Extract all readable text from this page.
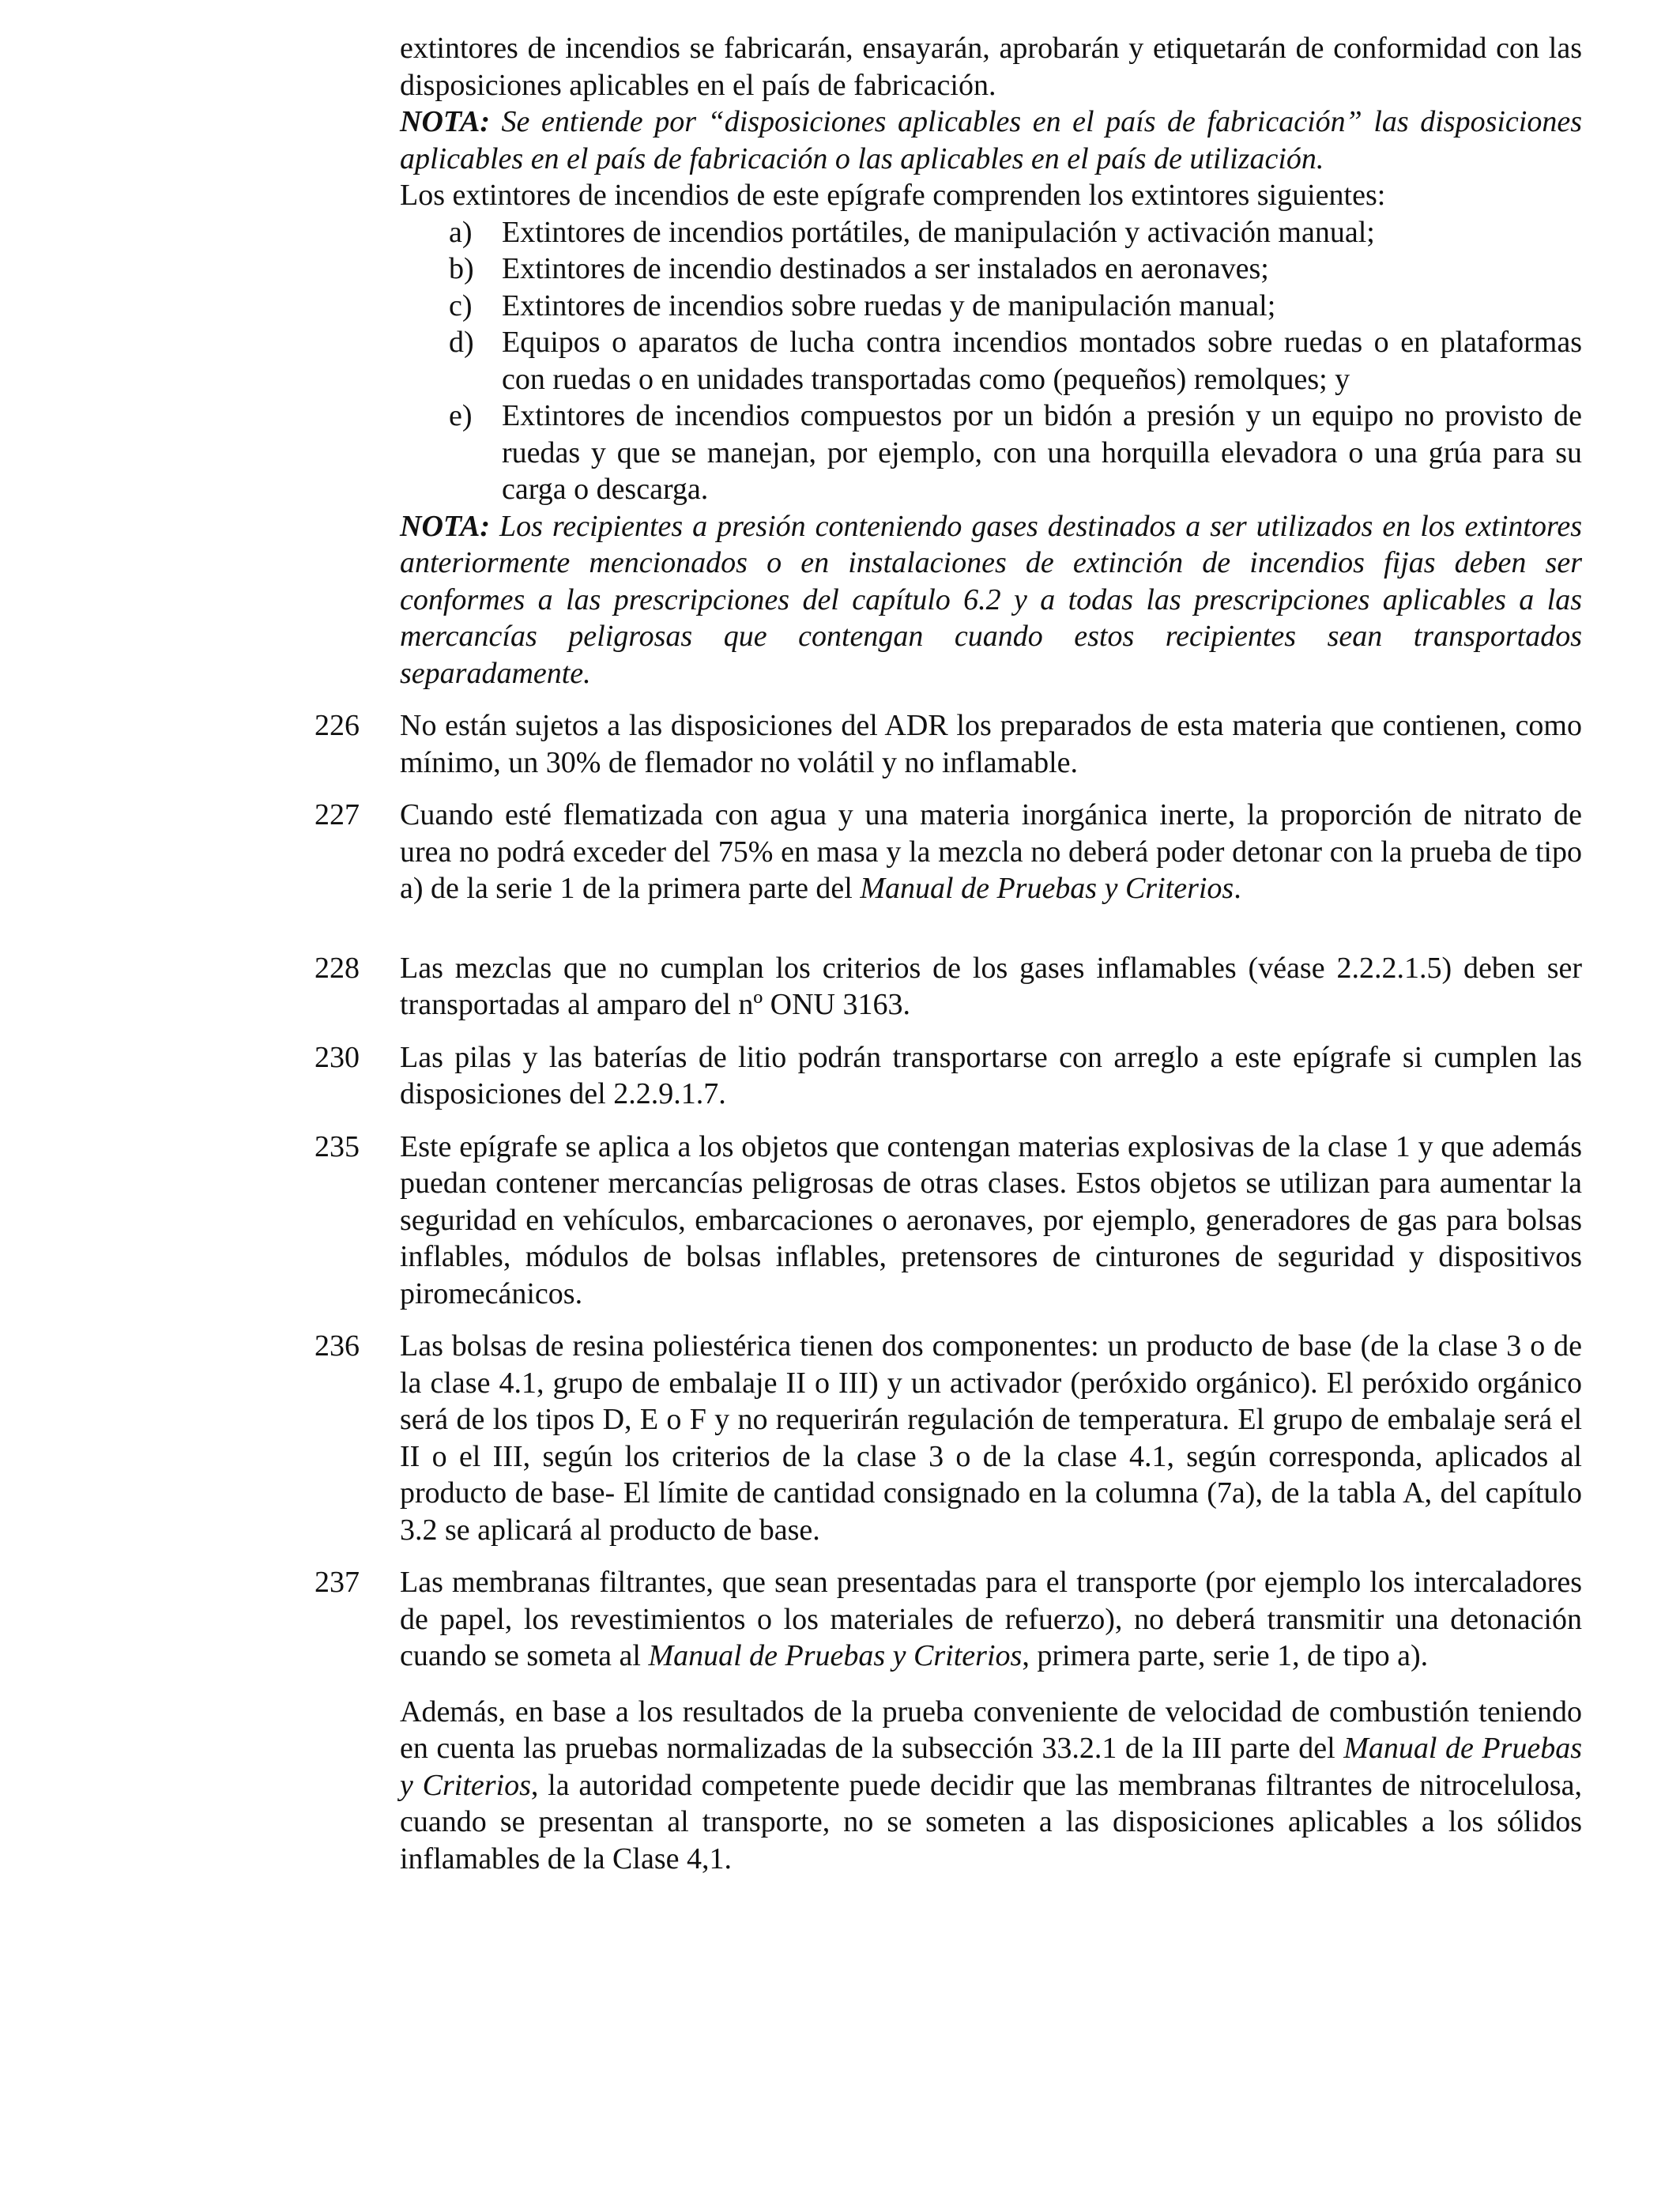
extintores de incendios se fabricarán, ensayarán, aprobarán y etiquetarán de conformidad con las disposiciones aplicables en el país de fabricación.

NOTA: Se entiende por “disposiciones aplicables en el país de fabricación” las disposiciones aplicables en el país de fabricación o las aplicables en el país de utilización.

Los extintores de incendios de este epígrafe comprenden los extintores siguientes:

a) Extintores de incendios portátiles, de manipulación y activación manual;
b) Extintores de incendio destinados a ser instalados en aeronaves;
c) Extintores de incendios sobre ruedas y de manipulación manual;
d) Equipos o aparatos de lucha contra incendios montados sobre ruedas o en plataformas con ruedas o en unidades transportadas como (pequeños) remolques; y
e) Extintores de incendios compuestos por un bidón a presión y un equipo no provisto de ruedas y que se manejan, por ejemplo, con una horquilla elevadora o una grúa para su carga o descarga.

NOTA: Los recipientes a presión conteniendo gases destinados a ser utilizados en los extintores anteriormente mencionados o en instalaciones de extinción de incendios fijas deben ser conformes a las prescripciones del capítulo 6.2 y a todas las prescripciones aplicables a las mercancías peligrosas que contengan cuando estos recipientes sean transportados separadamente.

226	No están sujetos a las disposiciones del ADR los preparados de esta materia que contienen, como mínimo, un 30% de flemador no volátil y no inflamable.

227	Cuando esté flematizada con agua y una materia inorgánica inerte, la proporción de nitrato de urea no podrá exceder del 75% en masa y la mezcla no deberá poder detonar con la prueba de tipo a) de la serie 1 de la primera parte del Manual de Pruebas y Criterios.

228	Las mezclas que no cumplan los criterios de los gases inflamables (véase 2.2.2.1.5) deben ser transportadas al amparo del nº ONU 3163.

230	Las pilas y las baterías de litio podrán transportarse con arreglo a este epígrafe si cumplen las disposiciones del 2.2.9.1.7.

235	Este epígrafe se aplica a los objetos que contengan materias explosivas de la clase 1 y que además puedan contener mercancías peligrosas de otras clases. Estos objetos se utilizan para aumentar la seguridad en vehículos, embarcaciones o aeronaves, por ejemplo, generadores de gas para bolsas inflables, módulos de bolsas inflables, pretensores de cinturones de seguridad y dispositivos piromecánicos.

236	Las bolsas de resina poliestérica tienen dos componentes: un producto de base (de la clase 3 o de la clase 4.1, grupo de embalaje II o III) y un activador (peróxido orgánico). El peróxido orgánico será de los tipos D, E o F y no requerirán regulación de temperatura. El grupo de embalaje será el II o el III, según los criterios de la clase 3 o de la clase 4.1, según corresponda, aplicados al producto de base- El límite de cantidad consignado en la columna (7a), de la tabla A, del capítulo 3.2 se aplicará al producto de base.

237	Las membranas filtrantes, que sean presentadas para el transporte (por ejemplo los intercaladores de papel, los revestimientos o los materiales de refuerzo), no deberá transmitir una detonación cuando se someta al Manual de Pruebas y Criterios, primera parte, serie 1, de tipo a).

Además, en base a los resultados de la prueba conveniente de velocidad de combustión teniendo en cuenta las pruebas normalizadas de la subsección 33.2.1 de la III parte del Manual de Pruebas y Criterios, la autoridad competente puede decidir que las membranas filtrantes de nitrocelulosa, cuando se presentan al transporte, no se someten a las disposiciones aplicables a los sólidos inflamables de la Clase 4,1.
